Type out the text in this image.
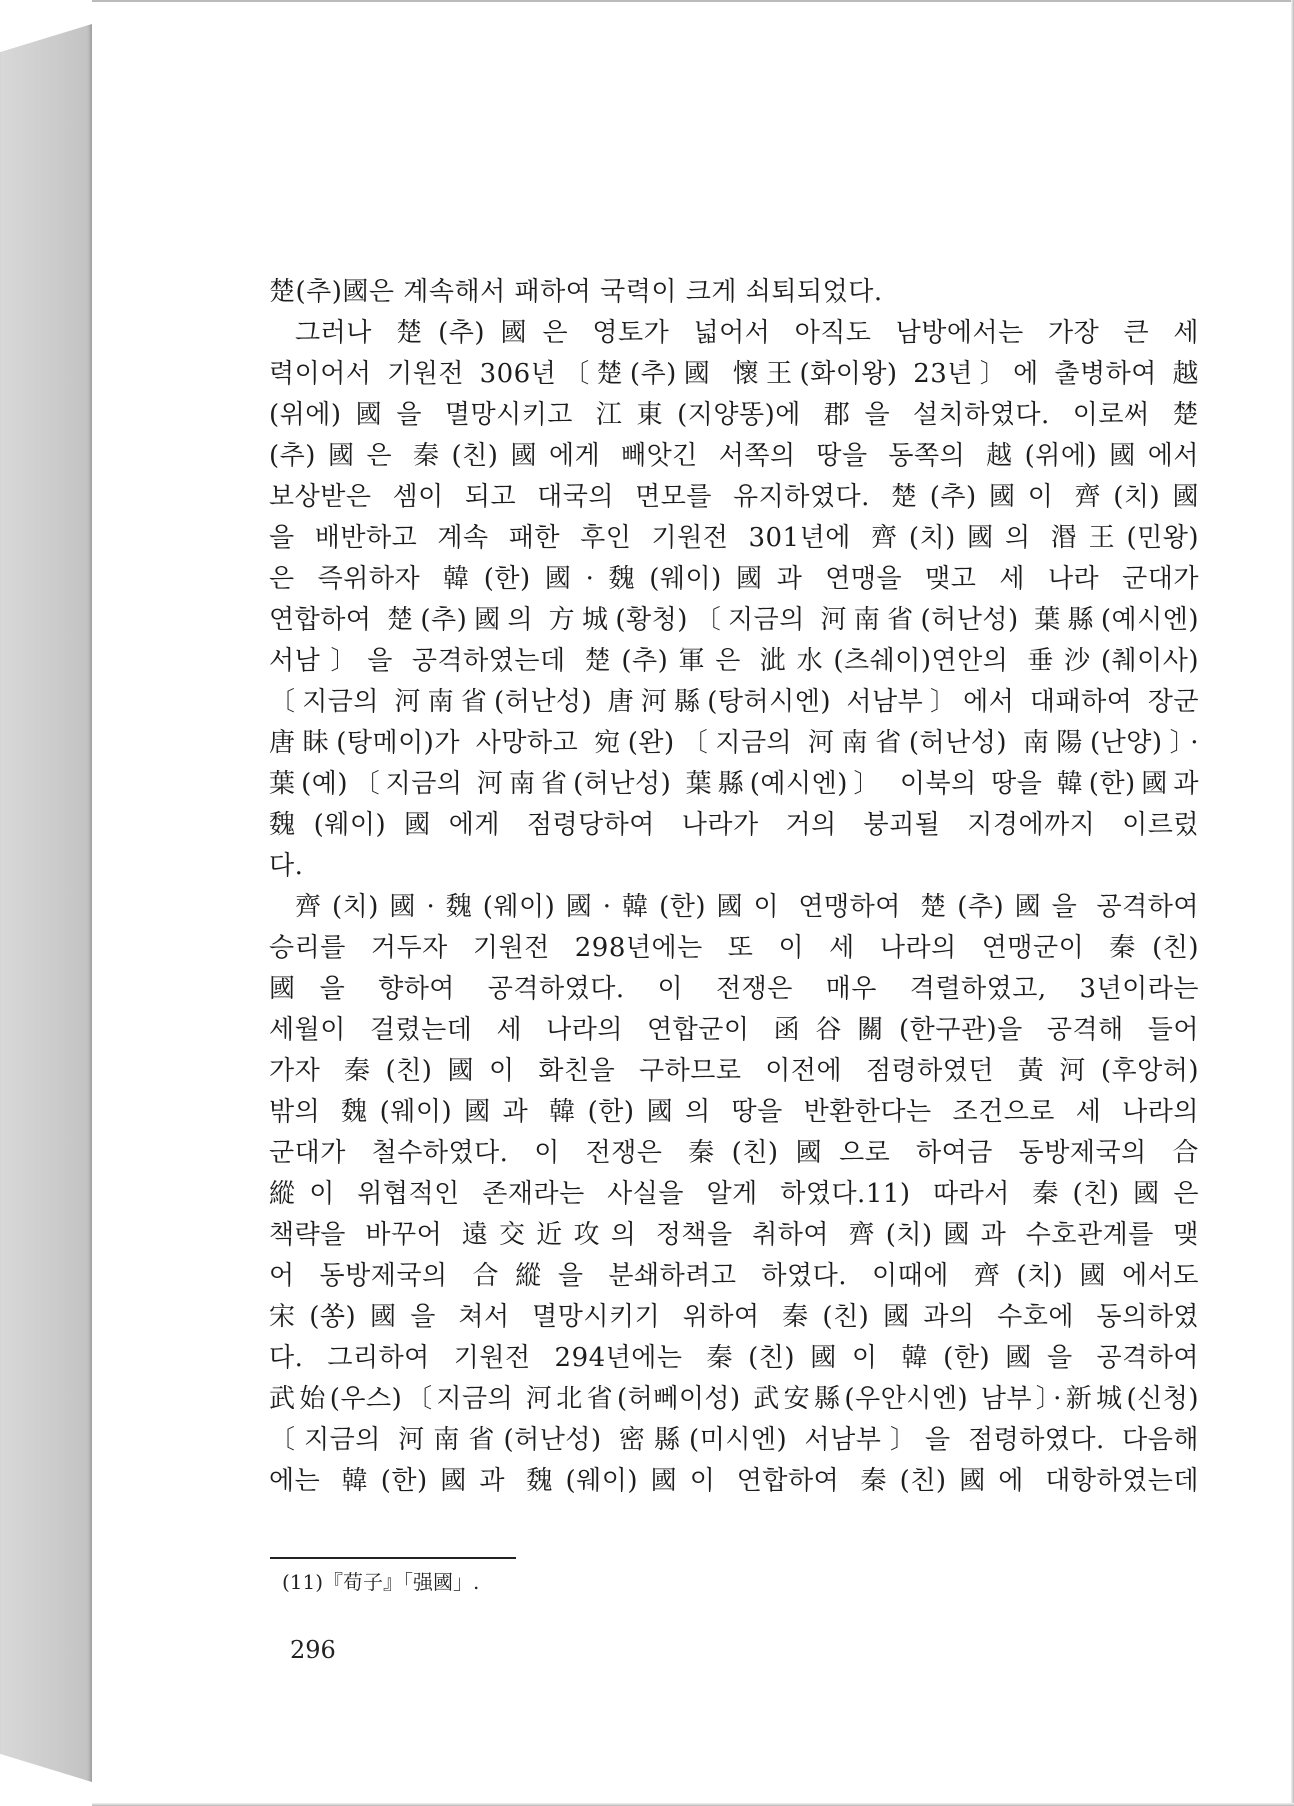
楚(추)國은 계속해서 패하여 국력이 크게 쇠퇴되었다.
그러나 楚(추)國은 영토가 넓어서 아직도 남방에서는 가장 큰 세
력이어서 기원전 306년〔楚(추)國 懷王(화이왕) 23년〕에 출병하여 越
(위에)國을 멸망시키고 江東(지양똥)에 郡을 설치하였다. 이로써 楚
(추)國은 秦(친)國에게 빼앗긴 서쪽의 땅을 동쪽의 越(위에)國에서
보상받은 셈이 되고 대국의 면모를 유지하였다. 楚(추)國이 齊(치)國
을 배반하고 계속 패한 후인 기원전 301년에 齊(치)國의 湣王(민왕)
은 즉위하자 韓(한)國·魏(웨이)國과 연맹을 맺고 세 나라 군대가
연합하여 楚(추)國의 方城(황청)〔지금의 河南省(허난성) 葉縣(예시엔)
서남〕을 공격하였는데 楚(추)軍은 泚水(츠쉐이)연안의 垂沙(췌이사)
〔지금의 河南省(허난성) 唐河縣(탕허시엔) 서남부〕에서 대패하여 장군
唐眛(탕메이)가 사망하고 宛(완)〔지금의 河南省(허난성) 南陽(난양)〕·
葉(예)〔지금의 河南省(허난성) 葉縣(예시엔)〕 이북의 땅을 韓(한)國과
魏(웨이)國에게 점령당하여 나라가 거의 붕괴될 지경에까지 이르렀
다.
齊(치)國·魏(웨이)國·韓(한)國이 연맹하여 楚(추)國을 공격하여
승리를 거두자 기원전 298년에는 또 이 세 나라의 연맹군이 秦(친)
國을 향하여 공격하였다. 이 전쟁은 매우 격렬하였고, 3년이라는
세월이 걸렸는데 세 나라의 연합군이 函谷關(한구관)을 공격해 들어
가자 秦(친)國이 화친을 구하므로 이전에 점령하였던 黃河(후앙허)
밖의 魏(웨이)國과 韓(한)國의 땅을 반환한다는 조건으로 세 나라의
군대가 철수하였다. 이 전쟁은 秦(친)國으로 하여금 동방제국의 合
縱이 위협적인 존재라는 사실을 알게 하였다.11) 따라서 秦(친)國은
책략을 바꾸어 遠交近攻의 정책을 취하여 齊(치)國과 수호관계를 맺
어 동방제국의 合縱을 분쇄하려고 하였다. 이때에 齊(치)國에서도
宋(쏭)國을 쳐서 멸망시키기 위하여 秦(친)國과의 수호에 동의하였
다. 그리하여 기원전 294년에는 秦(친)國이 韓(한)國을 공격하여
武始(우스)〔지금의 河北省(허뻬이성) 武安縣(우안시엔) 남부〕·新城(신청)
〔지금의 河南省(허난성) 密縣(미시엔) 서남부〕을 점령하였다. 다음해
에는 韓(한)國과 魏(웨이)國이 연합하여 秦(친)國에 대항하였는데
(11)『荀子』「强國」.
296
